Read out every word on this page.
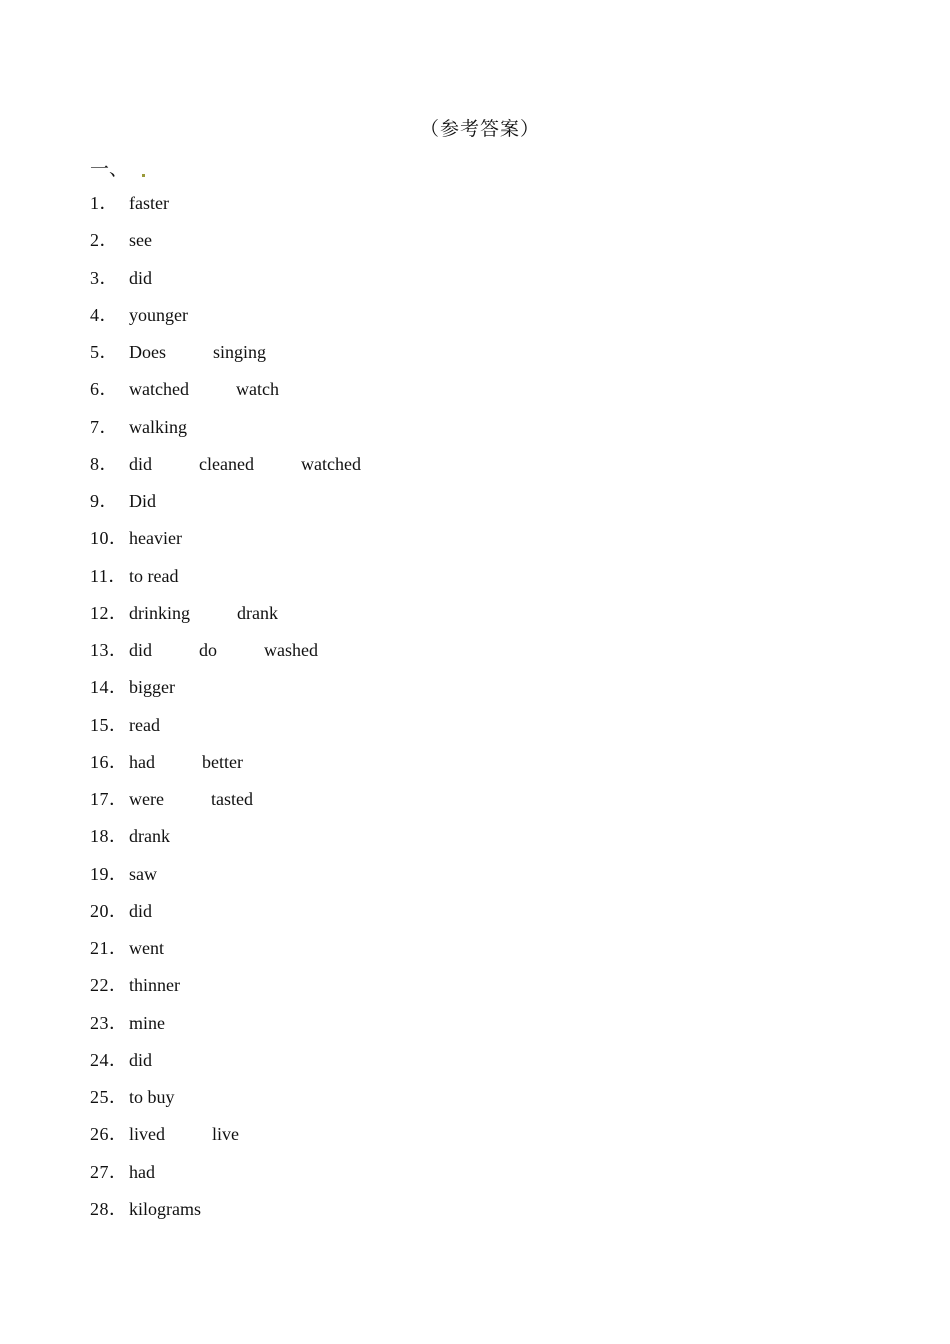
（参考答案）
一、
1． faster
2． see
3． did
4． younger
5． Does	singing
6． watched	watch
7． walking
8． did	cleaned	watched
9． Did
10． heavier
11． to read
12． drinking	drank
13． did	do	washed
14． bigger
15． read
16． had	better
17． were	tasted
18． drank
19． saw
20． did
21． went
22． thinner
23． mine
24． did
25． to buy
26． lived	live
27． had
28． kilograms
